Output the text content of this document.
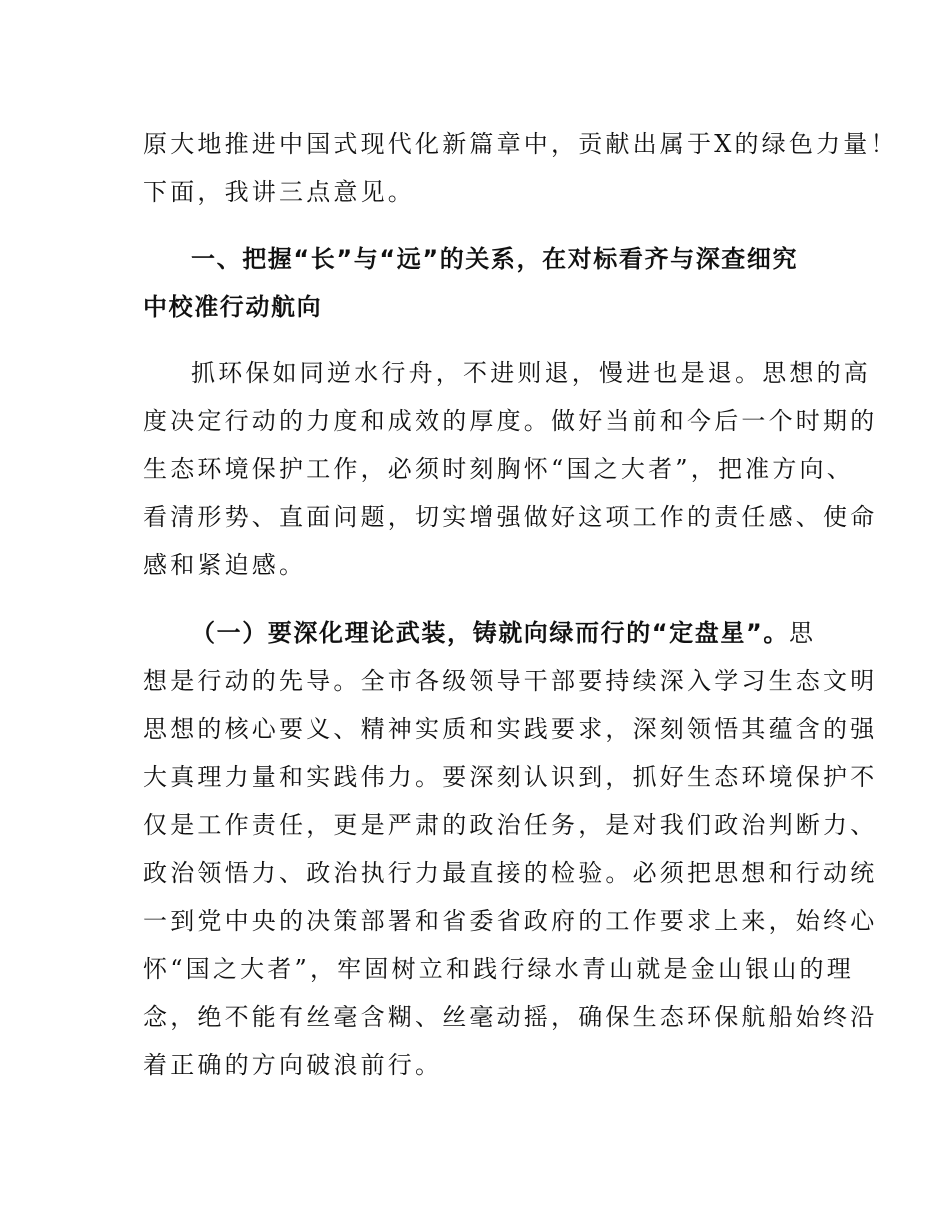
原大地推进中国式现代化新篇章中，贡献出属于X的绿色力量！
下面，我讲三点意见。
一、把握“长”与“远”的关系，在对标看齐与深查细究
中校准行动航向
抓环保如同逆水行舟，不进则退，慢进也是退。思想的高
度决定行动的力度和成效的厚度。做好当前和今后一个时期的
生态环境保护工作，必须时刻胸怀“国之大者”，把准方向、
看清形势、直面问题，切实增强做好这项工作的责任感、使命
感和紧迫感。
（一）要深化理论武装，铸就向绿而行的“定盘星”。思
想是行动的先导。全市各级领导干部要持续深入学习生态文明
思想的核心要义、精神实质和实践要求，深刻领悟其蕴含的强
大真理力量和实践伟力。要深刻认识到，抓好生态环境保护不
仅是工作责任，更是严肃的政治任务，是对我们政治判断力、
政治领悟力、政治执行力最直接的检验。必须把思想和行动统
一到党中央的决策部署和省委省政府的工作要求上来，始终心
怀“国之大者”，牢固树立和践行绿水青山就是金山银山的理
念，绝不能有丝毫含糊、丝毫动摇，确保生态环保航船始终沿
着正确的方向破浪前行。
